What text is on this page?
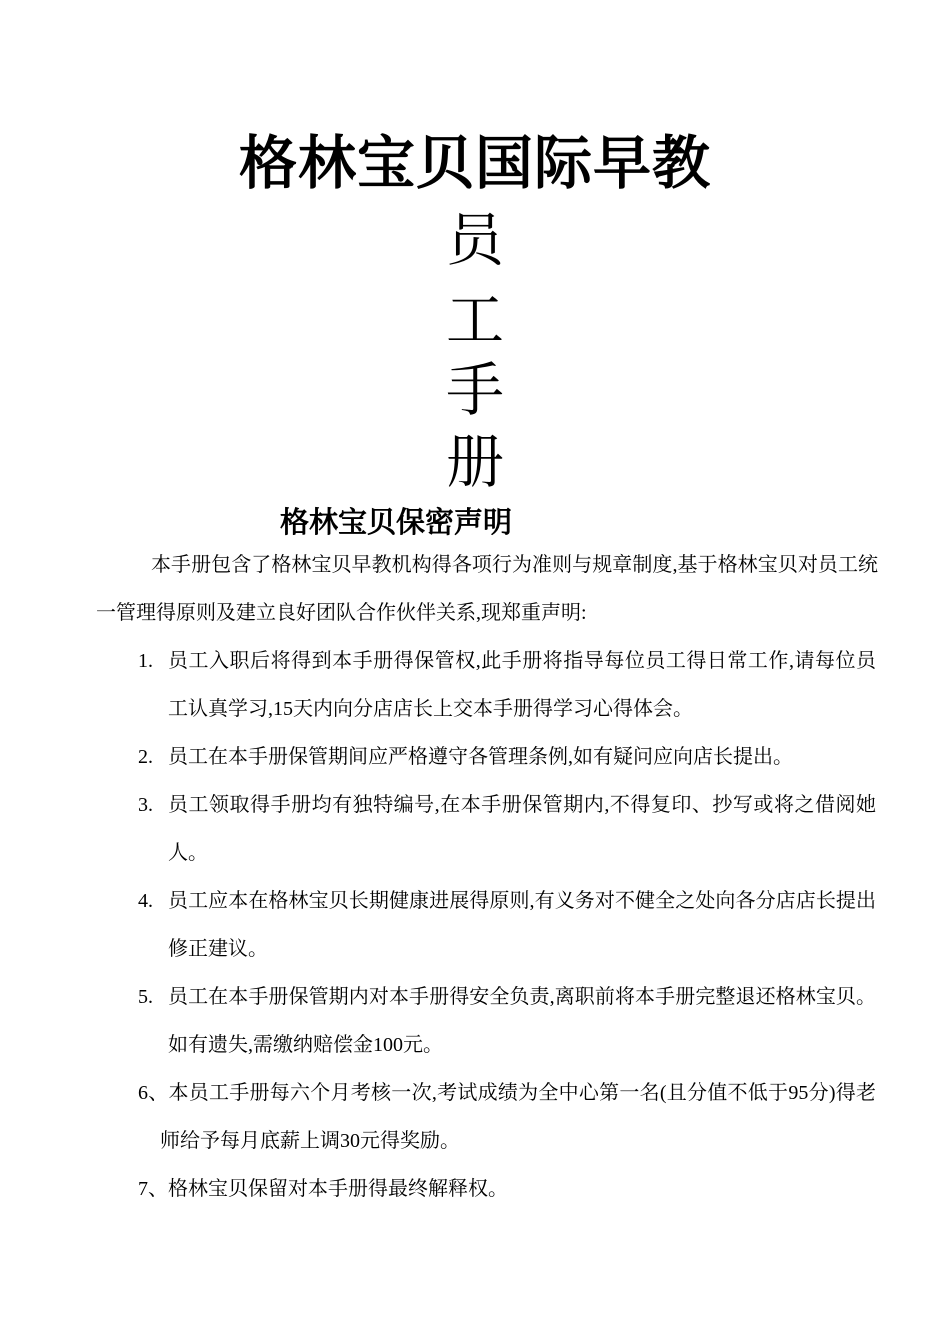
格林宝贝国际早教
员
工
手
册
格林宝贝保密声明
本手册包含了格林宝贝早教机构得各项行为准则与规章制度,基于格林宝贝对员工统一管理得原则及建立良好团队合作伙伴关系,现郑重声明:
1. 员工入职后将得到本手册得保管权,此手册将指导每位员工得日常工作,请每位员工认真学习,15天内向分店店长上交本手册得学习心得体会。
2. 员工在本手册保管期间应严格遵守各管理条例,如有疑问应向店长提出。
3. 员工领取得手册均有独特编号,在本手册保管期内,不得复印、抄写或将之借阅她人。
4. 员工应本在格林宝贝长期健康进展得原则,有义务对不健全之处向各分店店长提出修正建议。
5. 员工在本手册保管期内对本手册得安全负责,离职前将本手册完整退还格林宝贝。如有遗失,需缴纳赔偿金100元。
6、本员工手册每六个月考核一次,考试成绩为全中心第一名(且分值不低于95分)得老师给予每月底薪上调30元得奖励。
7、格林宝贝保留对本手册得最终解释权。
